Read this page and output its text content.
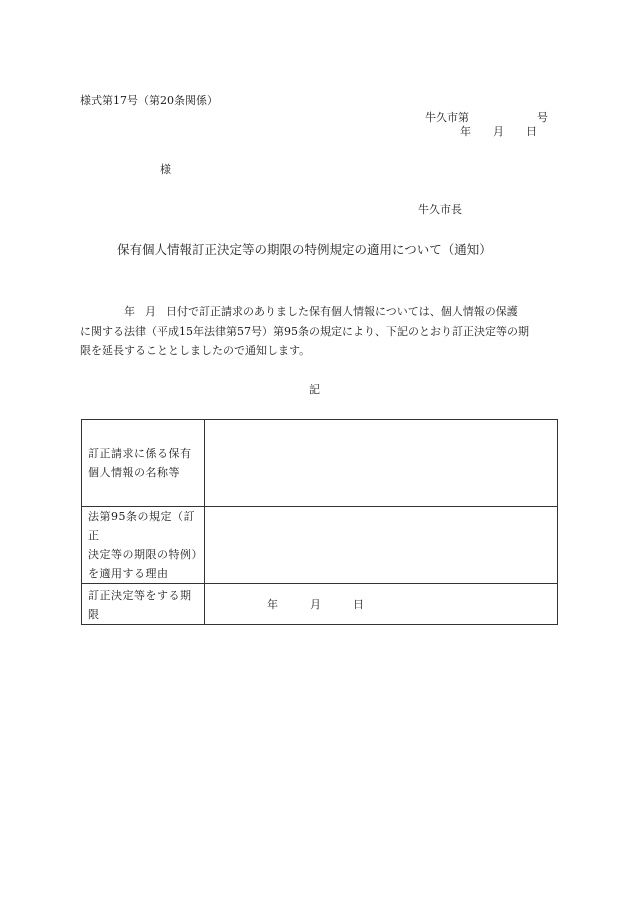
様式第17号（第20条関係）
牛久市第	号
年 月 日
様
牛久市長
保有個人情報訂正決定等の期限の特例規定の適用について（通知）
年 月 日付で訂正請求のありました保有個人情報については、個人情報の保護
に関する法律（平成15年法律第57号）第95条の規定により、下記のとおり訂正決定等の期
限を延長することとしましたので通知します。
記
訂正請求に係る保有
個人情報の名称等	

法第95条の規定（訂正
決定等の期限の特例）
を適用する理由	

訂正決定等をする期
限	年 月 日
